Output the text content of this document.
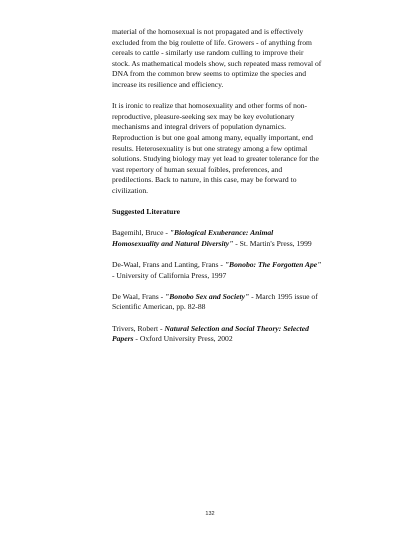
material of the homosexual is not propagated and is effectively excluded from the big roulette of life. Growers - of anything from cereals to cattle - similarly use random culling to improve their stock. As mathematical models show, such repeated mass removal of DNA from the common brew seems to optimize the species and increase its resilience and efficiency.

It is ironic to realize that homosexuality and other forms of non-reproductive, pleasure-seeking sex may be key evolutionary mechanisms and integral drivers of population dynamics. Reproduction is but one goal among many, equally important, end results. Heterosexuality is but one strategy among a few optimal solutions. Studying biology may yet lead to greater tolerance for the vast repertory of human sexual foibles, preferences, and predilections. Back to nature, in this case, may be forward to civilization.

Suggested Literature

Bagemihl, Bruce - "Biological Exuberance: Animal Homosexuality and Natural Diversity" - St. Martin's Press, 1999

De-Waal, Frans and Lanting, Frans - "Bonobo: The Forgotten Ape" - University of California Press, 1997

De Waal, Frans - "Bonobo Sex and Society" - March 1995 issue of Scientific American, pp. 82-88

Trivers, Robert - Natural Selection and Social Theory: Selected Papers - Oxford University Press, 2002

132
